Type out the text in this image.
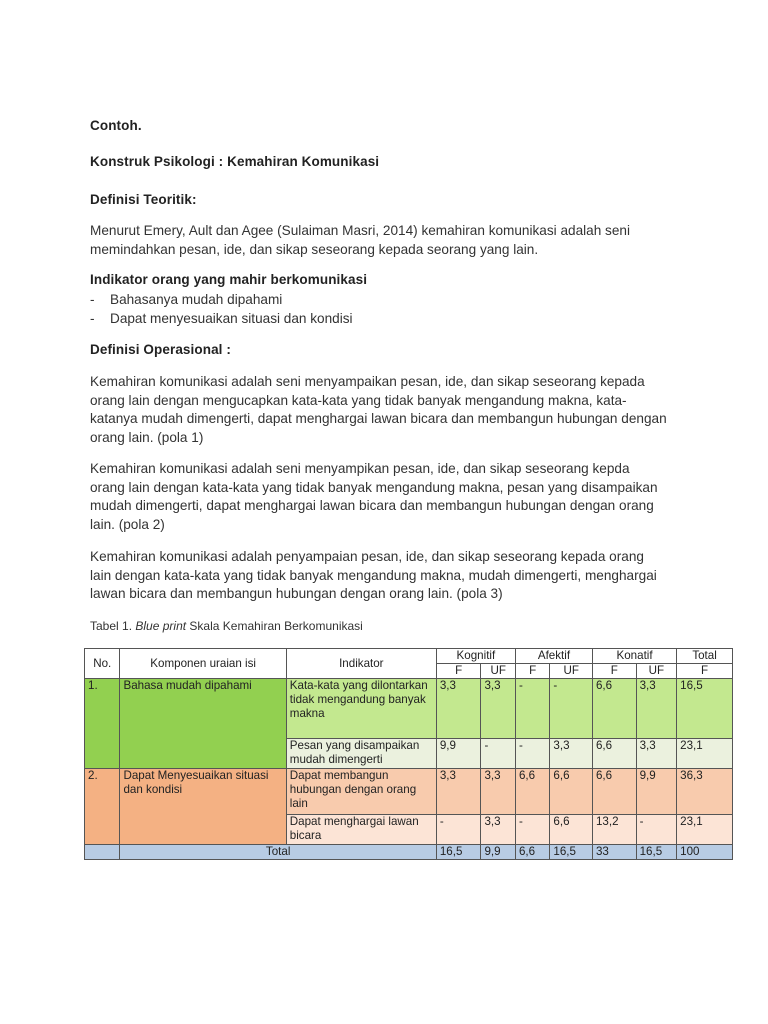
Contoh.

Konstruk Psikologi : Kemahiran Komunikasi

Definisi Teoritik:

Menurut Emery, Ault dan Agee (Sulaiman Masri, 2014) kemahiran komunikasi adalah seni
memindahkan pesan, ide, dan sikap seseorang kepada seorang yang lain.

Indikator orang yang mahir berkomunikasi

- Bahasanya mudah dipahami
- Dapat menyesuaikan situasi dan kondisi

Definisi Operasional :

Kemahiran komunikasi adalah seni menyampaikan pesan, ide, dan sikap seseorang kepada
orang lain dengan mengucapkan kata-kata yang tidak banyak mengandung makna, kata-
katanya mudah dimengerti, dapat menghargai lawan bicara dan membangun hubungan dengan
orang lain. (pola 1)
Kemahiran komunikasi adalah seni menyampikan pesan, ide, dan sikap seseorang kepda
orang lain dengan kata-kata yang tidak banyak mengandung makna, pesan yang disampaikan
mudah dimengerti, dapat menghargai lawan bicara dan membangun hubungan dengan orang
lain. (pola 2)
Kemahiran komunikasi adalah penyampaian pesan, ide, dan sikap seseorang kepada orang
lain dengan kata-kata yang tidak banyak mengandung makna, mudah dimengerti, menghargai
lawan bicara dan membangun hubungan dengan orang lain. (pola 3)

Tabel 1. Blue print Skala Kemahiran Berkomunikasi

No.	Komponen uraian isi	Indikator	Kognitif		Afektif		Konatif		Total
			F	UF	F	UF	F	UF	F
1.	Bahasa mudah dipahami	Kata-kata yang dilontarkan tidak mengandung banyak makna	3,3	3,3	-	-	6,6	3,3	16,5
		Pesan yang disampaikan mudah dimengerti	9,9	-	-	3,3	6,6	3,3	23,1
2.	Dapat Menyesuaikan situasi dan kondisi	Dapat membangun hubungan dengan orang lain	3,3	3,3	6,6	6,6	6,6	9,9	36,3
		Dapat menghargai lawan bicara	-	3,3	-	6,6	13,2	-	23,1
	Total		16,5	9,9	6,6	16,5	33	16,5	100
